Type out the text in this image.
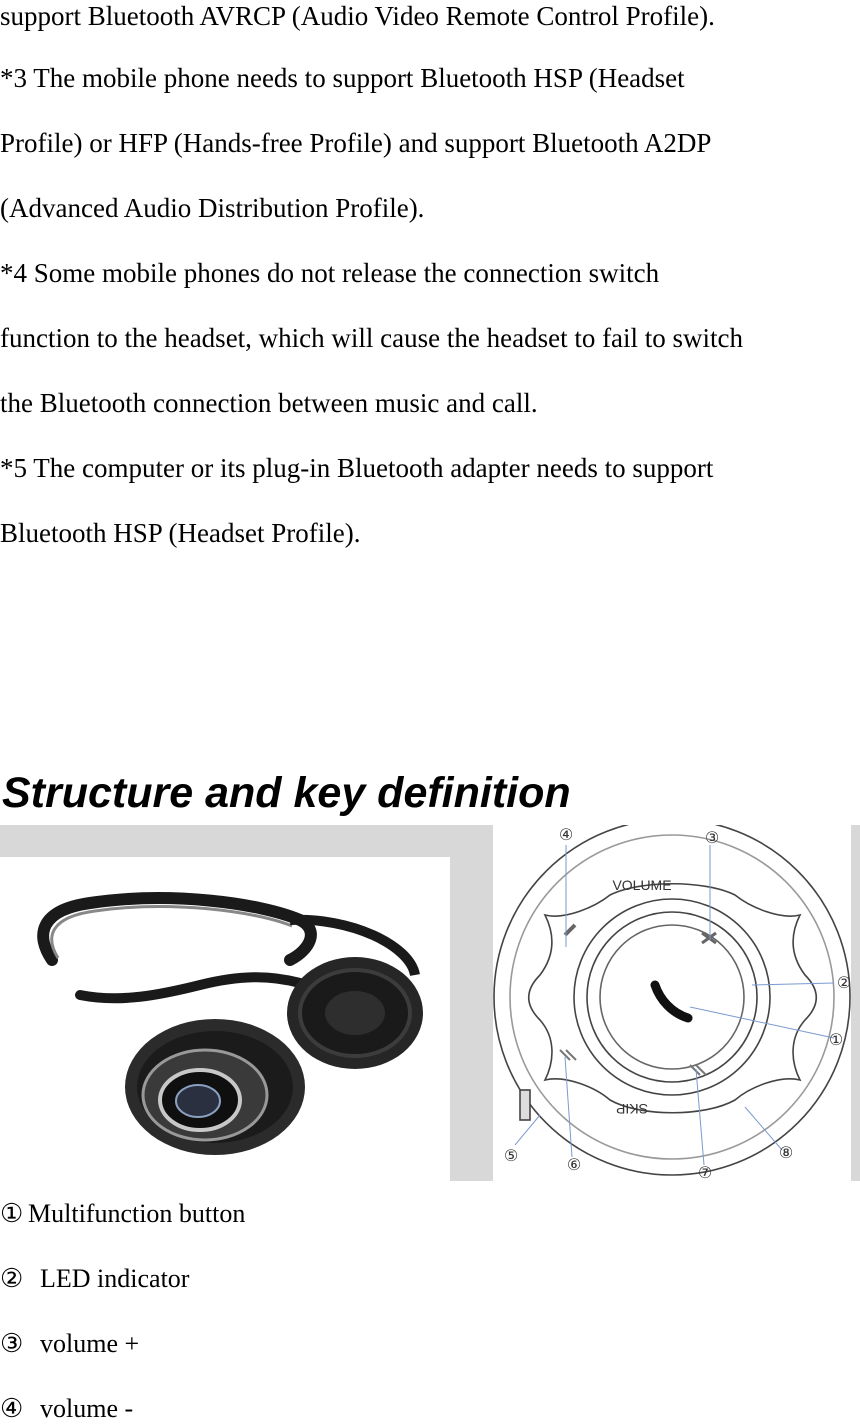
support Bluetooth AVRCP (Audio Video Remote Control Profile).
*3 The mobile phone needs to support Bluetooth HSP (Headset
Profile) or HFP (Hands-free Profile) and support Bluetooth A2DP
(Advanced Audio Distribution Profile).
*4 Some mobile phones do not release the connection switch
function to the headset, which will cause the headset to fail to switch
the Bluetooth connection between music and call.
*5 The computer or its plug-in Bluetooth adapter needs to support
Bluetooth HSP (Headset Profile).
Structure and key definition
VOLUME
SKIP
④	③
②
①
⑤	⑥	⑦
⑧
① Multifunction button
② LED indicator
③ volume +
④ volume -
